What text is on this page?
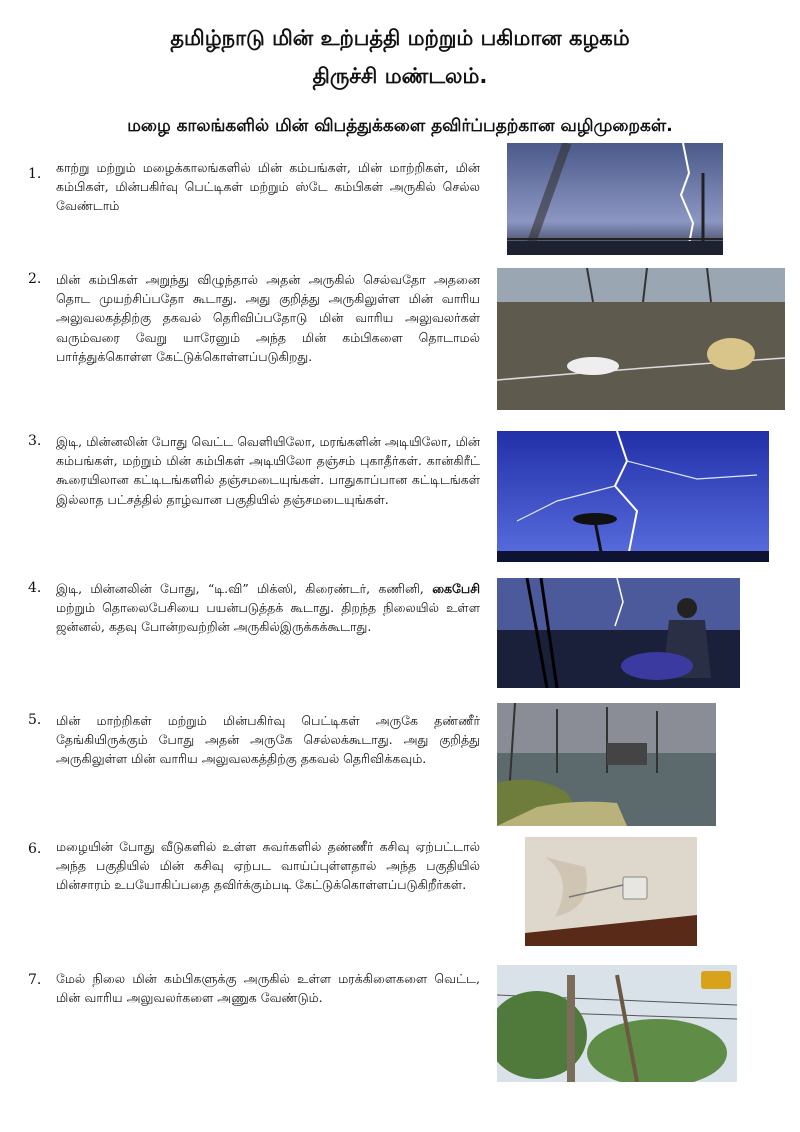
தமிழ்நாடு மின் உற்பத்தி மற்றும் பகிமான கழகம்
திருச்சி மண்டலம்.
மழை காலங்களில் மின் விபத்துக்களை தவிர்ப்பதற்கான வழிமுறைகள்.
1. காற்று மற்றும் மழைக்காலங்களில் மின் கம்பங்கள், மின் மாற்றிகள், மின் கம்பிகள், மின்பகிர்வு பெட்டிகள் மற்றும் ஸ்டே கம்பிகள் அருகில் செல்ல வேண்டாம்
2. மின் கம்பிகள் அறுந்து விழுந்தால் அதன் அருகில் செல்வதோ அதனை தொட முயற்சிப்பதோ கூடாது. அது குறித்து அருகிலுள்ள மின் வாரிய அலுவலகத்திற்கு தகவல் தெரிவிப்பதோடு மின் வாரிய அலுவலர்கள் வரும்வரை வேறு யாரேனும் அந்த மின் கம்பிகளை தொடாமல் பார்த்துக்கொள்ள கேட்டுக்கொள்ளப்படுகிறது.
3. இடி, மின்னலின் போது வெட்ட வெளியிலோ, மரங்களின் அடியிலோ, மின் கம்பங்கள், மற்றும் மின் கம்பிகள் அடியிலோ தஞ்சம் புகாதீர்கள். கான்கிரீட் கூரையிலான கட்டிடங்களில் தஞ்சமடையுங்கள். பாதுகாப்பான கட்டிடங்கள் இல்லாத பட்சத்தில் தாழ்வான பகுதியில் தஞ்சமடையுங்கள்.
4. இடி, மின்னலின் போது, “டி.வி” மிக்ஸி, கிரைண்டர், கணினி, கைபேசி மற்றும் தொலைபேசியை பயன்படுத்தக் கூடாது. திறந்த நிலையில் உள்ள ஜன்னல், கதவு போன்றவற்றின் அருகில்இருக்கக்கூடாது.
5. மின் மாற்றிகள் மற்றும் மின்பகிர்வு பெட்டிகள் அருகே தண்ணீர் தேங்கியிருக்கும் போது அதன் அருகே செல்லக்கூடாது. அது குறித்து அருகிலுள்ள மின் வாரிய அலுவலகத்திற்கு தகவல் தெரிவிக்கவும்.
6. மழையின் போது வீடுகளில் உள்ள சுவர்களில் தண்ணீர் கசிவு ஏற்பட்டால் அந்த பகுதியில் மின் கசிவு ஏற்பட வாய்ப்புள்ளதால் அந்த பகுதியில் மின்சாரம் உபயோகிப்பதை தவிர்க்கும்படி கேட்டுக்கொள்ளப்படுகிறீர்கள்.
7. மேல் நிலை மின் கம்பிகளுக்கு அருகில் உள்ள மரக்கிளைகளை வெட்ட, மின் வாரிய அலுவலர்களை அணுக வேண்டும்.
